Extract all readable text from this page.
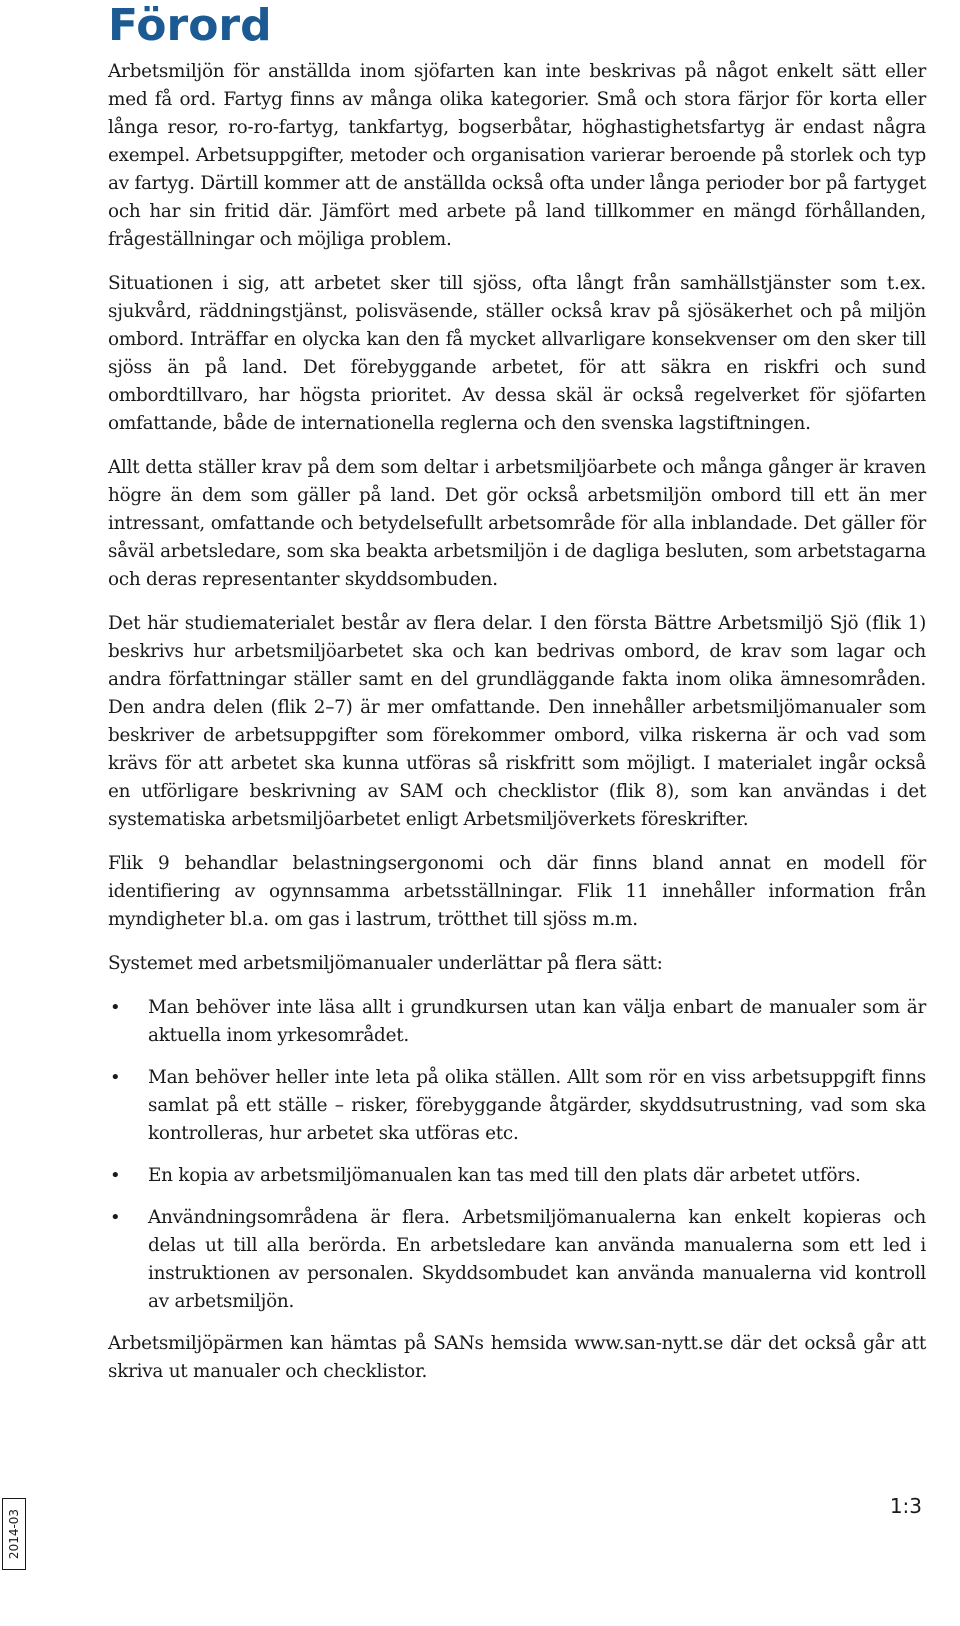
Förord

Arbetsmiljön för anställda inom sjöfarten kan inte beskrivas på något enkelt sätt eller med få ord. Fartyg finns av många olika kategorier. Små och stora färjor för korta eller långa resor, ro-ro-fartyg, tankfartyg, bogserbåtar, höghastighetsfartyg är endast några exempel. Arbetsuppgifter, metoder och organisation varierar beroende på storlek och typ av fartyg. Därtill kommer att de anställda också ofta under långa perioder bor på fartyget och har sin fritid där. Jämfört med arbete på land tillkommer en mängd förhållanden, frågeställningar och möjliga problem.

Situationen i sig, att arbetet sker till sjöss, ofta långt från samhällstjänster som t.ex. sjukvård, räddningstjänst, polisväsende, ställer också krav på sjösäkerhet och på miljön ombord. Inträffar en olycka kan den få mycket allvarligare konsekvenser om den sker till sjöss än på land. Det förebyggande arbetet, för att säkra en riskfri och sund ombordtillvaro, har högsta prioritet. Av dessa skäl är också regelverket för sjöfarten omfattande, både de internationella reglerna och den svenska lagstiftningen.

Allt detta ställer krav på dem som deltar i arbetsmiljöarbete och många gånger är kraven högre än dem som gäller på land. Det gör också arbetsmiljön ombord till ett än mer intressant, omfattande och betydelsefullt arbetsområde för alla inblandade. Det gäller för såväl arbetsledare, som ska beakta arbetsmiljön i de dagliga besluten, som arbetstagarna och deras representanter skyddsombuden.

Det här studiematerialet består av flera delar. I den första Bättre Arbetsmiljö Sjö (flik 1) beskrivs hur arbetsmiljöarbetet ska och kan bedrivas ombord, de krav som lagar och andra författningar ställer samt en del grundläggande fakta inom olika ämnesområden. Den andra delen (flik 2–7) är mer omfattande. Den innehåller arbetsmiljömanualer som beskriver de arbetsuppgifter som förekommer ombord, vilka riskerna är och vad som krävs för att arbetet ska kunna utföras så riskfritt som möjligt. I materialet ingår också en utförligare beskrivning av SAM och checklistor (flik 8), som kan användas i det systematiska arbetsmiljöarbetet enligt Arbetsmiljöverkets föreskrifter.

Flik 9 behandlar belastningsergonomi och där finns bland annat en modell för identifiering av ogynnsamma arbetsställningar. Flik 11 innehåller information från myndigheter bl.a. om gas i lastrum, trötthet till sjöss m.m.

Systemet med arbetsmiljömanualer underlättar på flera sätt:

• Man behöver inte läsa allt i grundkursen utan kan välja enbart de manualer som är aktuella inom yrkesområdet.
• Man behöver heller inte leta på olika ställen. Allt som rör en viss arbetsuppgift finns samlat på ett ställe – risker, förebyggande åtgärder, skyddsutrustning, vad som ska kontrolleras, hur arbetet ska utföras etc.
• En kopia av arbetsmiljömanualen kan tas med till den plats där arbetet utförs.
• Användningsområdena är flera. Arbetsmiljömanualerna kan enkelt kopieras och delas ut till alla berörda. En arbetsledare kan använda manualerna som ett led i instruktionen av personalen. Skyddsombudet kan använda manualerna vid kontroll av arbetsmiljön.

Arbetsmiljöpärmen kan hämtas på SANs hemsida www.san-nytt.se där det också går att skriva ut manualer och checklistor.

2014-03
1:3
